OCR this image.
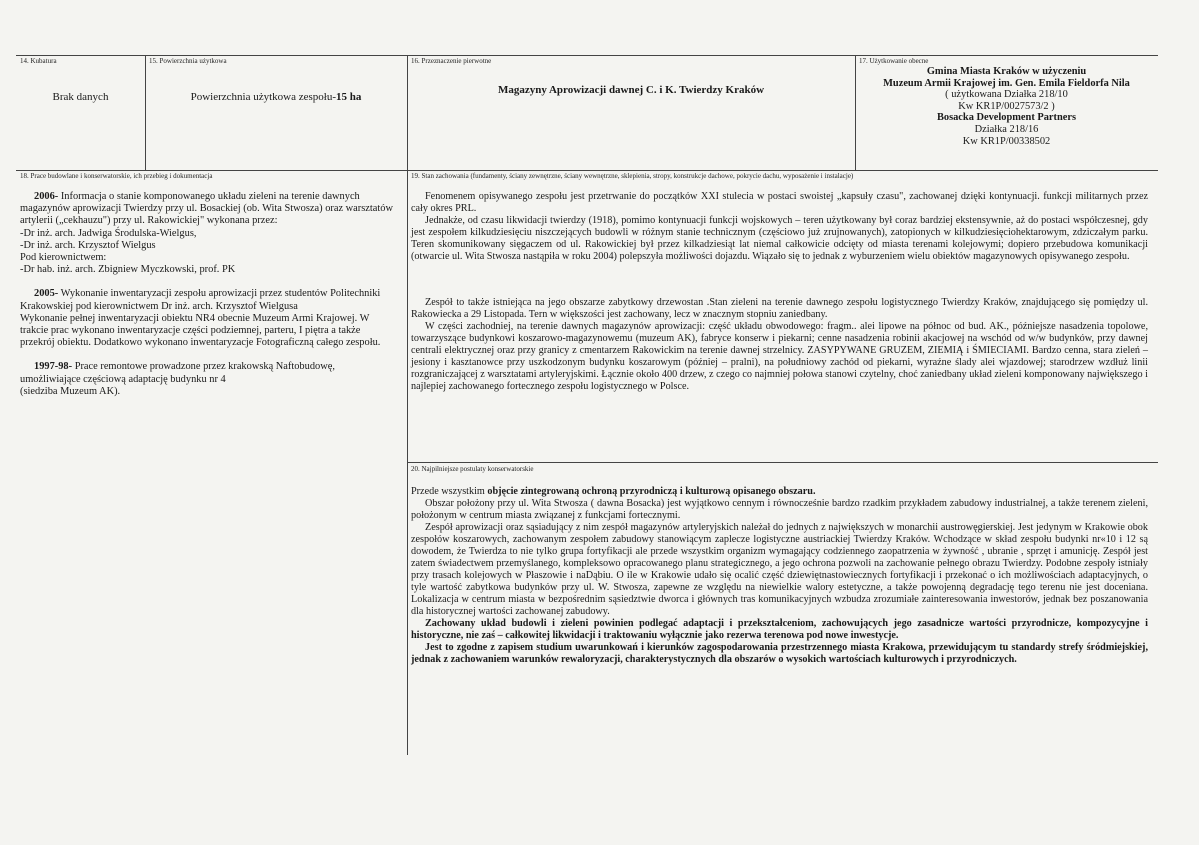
14. Kubatura
Brak danych
15. Powierzchnia użytkowa
Powierzchnia użytkowa zespołu-15 ha
16. Przeznaczenie pierwotne
Magazyny Aprowizacji dawnej C. i K. Twierdzy Kraków
17. Użytkowanie obecne
Gmina Miasta Kraków w użyczeniu
Muzeum Armii Krajowej im. Gen. Emila Fieldorfa Nila
( użytkowana Działka 218/10
Kw KR1P/0027573/2 )
Bosacka Development Partners
Działka 218/16
Kw KR1P/00338502
18. Prace budowlane i konserwatorskie, ich przebieg i dokumentacja

2006- Informacja o stanie komponowanego układu zieleni na terenie dawnych magazynów aprowizacji Twierdzy przy ul. Bosackiej (ob. Wita Stwosza) oraz warsztatów artylerii („cekhauzu") przy ul. Rakowickiej" wykonana przez:

-Dr inż. arch. Jadwiga Środulska-Wielgus,

-Dr inż. arch. Krzysztof Wielgus

Pod kierownictwem:

-Dr hab. inż. arch. Zbigniew Myczkowski, prof. PK

2005- Wykonanie inwentaryzacji zespołu aprowizacji przez studentów Politechniki Krakowskiej pod kierownictwem Dr inż. arch. Krzysztof Wielgusa

Wykonanie pełnej inwentaryzacji obiektu NR4 obecnie Muzeum Armi Krajowej. W trakcie prac wykonano inwentaryzacje części podziemnej, parteru, I piętra a także przekrój obiektu. Dodatkowo wykonano inwentaryzacje Fotograficzną całego zespołu.

1997-98- Prace remontowe prowadzone przez krakowską Naftobudowę, umożliwiające częściową adaptację budynku nr 4

(siedziba Muzeum AK).

19. Stan zachowania (fundamenty, ściany zewnętrzne, ściany wewnętrzne, sklepienia, stropy, konstrukcje dachowe, pokrycie dachu, wyposażenie i instalacje)

Fenomenem opisywanego zespołu jest przetrwanie do początków XXI stulecia w postaci swoistej „kapsuły czasu", zachowanej dzięki kontynuacji. funkcji militarnych przez cały okres PRL.

Jednakże, od czasu likwidacji twierdzy (1918), pomimo kontynuacji funkcji wojskowych – teren użytkowany był coraz bardziej ekstensywnie, aż do postaci współczesnej, gdy jest zespołem kilkudziesięciu niszczejących budowli w różnym stanie technicznym (częściowo już zrujnowanych), zatopionych w kilkudziesięciohektarowym, zdziczałym parku. Teren skomunikowany sięgaczem od ul. Rakowickiej był przez kilkadziesiąt lat niemal całkowicie odcięty od miasta terenami kolejowymi; dopiero przebudowa komunikacji (otwarcie ul. Wita Stwosza nastąpiła w roku 2004) polepszyła możliwości dojazdu. Wiązało się to jednak z wyburzeniem wielu obiektów magazynowych opisywanego zespołu.

Zespół to także istniejąca na jego obszarze zabytkowy drzewostan .Stan zieleni na terenie dawnego zespołu logistycznego Twierdzy Kraków, znajdującego się pomiędzy ul. Rakowiecka a 29 Listopada. Tern w większości jest zachowany, lecz w znacznym stopniu zaniedbany.

W części zachodniej, na terenie dawnych magazynów aprowizacji: część układu obwodowego: fragm.. alei lipowe na północ od bud. AK., późniejsze nasadzenia topolowe, towarzyszące budynkowi koszarowo-magazynowemu (muzeum AK), fabryce konserw i piekarni; cenne nasadzenia robinii akacjowej na wschód od w/w budynków, przy dawnej centrali elektrycznej oraz przy granicy z cmentarzem Rakowickim na terenie dawnej strzelnicy. ZASYPYWANE GRUZEM, ZIEMIĄ i ŚMIECIAMI. Bardzo cenna, stara zieleń – jesiony i kasztanowce przy uszkodzonym budynku koszarowym (później – pralni), na południowy zachód od piekarni, wyraźne ślady alei wjazdowej; starodrzew wzdłuż linii rozgraniczającej z warsztatami artyleryjskimi. Łącznie około 400 drzew, z czego co najmniej połowa stanowi czytelny, choć zaniedbany układ zieleni komponowany największego i najlepiej zachowanego fortecznego zespołu logistycznego w Polsce.

20. Najpilniejsze postulaty konserwatorskie

Przede wszystkim objęcie zintegrowaną ochroną przyrodniczą i kulturową opisanego obszaru.

Obszar położony przy ul. Wita Stwosza ( dawna Bosacka) jest wyjątkowo cennym i równocześnie bardzo rzadkim przykładem zabudowy industrialnej, a także terenem zieleni, położonym w centrum miasta związanej z funkcjami fortecznymi.

Zespół aprowizacji oraz sąsiadujący z nim zespół magazynów artyleryjskich należał do jednych z największych w monarchii austrowęgierskiej. Jest jedynym w Krakowie obok zespołów koszarowych, zachowanym zespołem zabudowy stanowiącym zaplecze logistyczne austriackiej Twierdzy Kraków. Wchodzące w skład zespołu budynki nr«10 i 12 są dowodem, że Twierdza to nie tylko grupa fortyfikacji ale przede wszystkim organizm wymagający codziennego zaopatrzenia w żywność , ubranie , sprzęt i amunicję. Zespół jest zatem świadectwem przemyślanego, kompleksowo opracowanego planu strategicznego, a jego ochrona pozwoli na zachowanie pełnego obrazu Twierdzy. Podobne zespoły istniały przy trasach kolejowych w Płaszowie i naDąbiu. O ile w Krakowie udało się ocalić część dziewiętnastowiecznych fortyfikacji i przekonać o ich możliwościach adaptacyjnych, o tyle wartość zabytkowa budynków przy ul. W. Stwosza, zapewne ze względu na niewielkie walory estetyczne, a także powojenną degradację tego terenu nie jest doceniana. Lokalizacja w centrum miasta w bezpośrednim sąsiedztwie dworca i głównych tras komunikacyjnych wzbudza zrozumiałe zainteresowania inwestorów, jednak bez poszanowania dla historycznej wartości zachowanej zabudowy.

Zachowany układ budowli i zieleni powinien podlegać adaptacji i przekształceniom, zachowujących jego zasadnicze wartości przyrodnicze, kompozycyjne i historyczne, nie zaś – całkowitej likwidacji i traktowaniu wyłącznie jako rezerwa terenowa pod nowe inwestycje.

Jest to zgodne z zapisem studium uwarunkowań i kierunków zagospodarowania przestrzennego miasta Krakowa, przewidującym tu standardy strefy śródmiejskiej, jednak z zachowaniem warunków rewaloryzacji, charakterystycznych dla obszarów o wysokich wartościach kulturowych i przyrodniczych.
